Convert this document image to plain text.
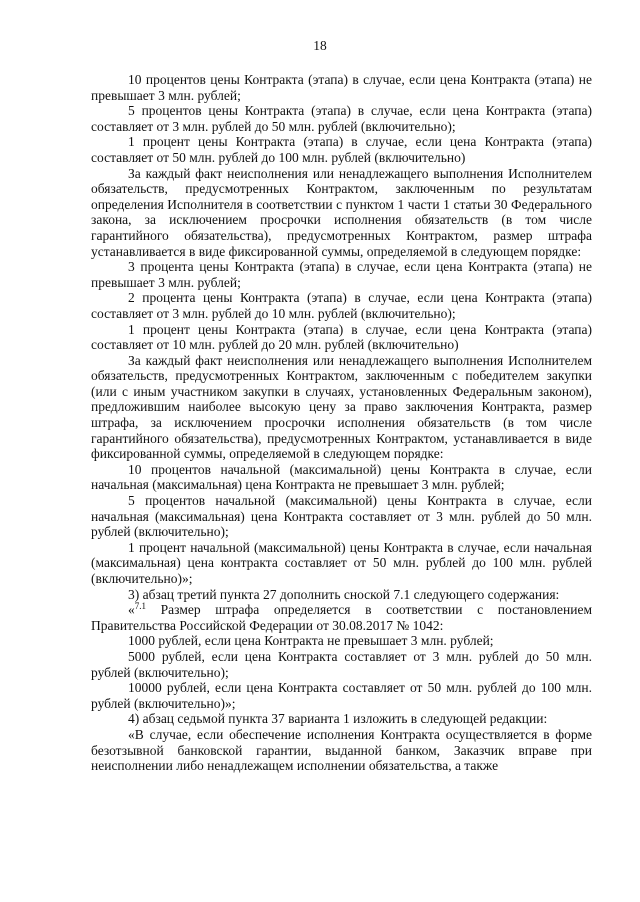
18

10 процентов цены Контракта (этапа) в случае, если цена Контракта (этапа) не превышает 3 млн. рублей;

5 процентов цены Контракта (этапа) в случае, если цена Контракта (этапа) составляет от 3 млн. рублей до 50 млн. рублей (включительно);

1 процент цены Контракта (этапа) в случае, если цена Контракта (этапа) составляет от 50 млн. рублей до 100 млн. рублей (включительно)

За каждый факт неисполнения или ненадлежащего выполнения Исполнителем обязательств, предусмотренных Контрактом, заключенным по результатам определения Исполнителя в соответствии с пунктом 1 части 1 статьи 30 Федерального закона, за исключением просрочки исполнения обязательств (в том числе гарантийного обязательства), предусмотренных Контрактом, размер штрафа устанавливается в виде фиксированной суммы, определяемой в следующем порядке:

3 процента цены Контракта (этапа) в случае, если цена Контракта (этапа) не превышает 3 млн. рублей;

2 процента цены Контракта (этапа) в случае, если цена Контракта (этапа) составляет от 3 млн. рублей до 10 млн. рублей (включительно);

1 процент цены Контракта (этапа) в случае, если цена Контракта (этапа) составляет от 10 млн. рублей до 20 млн. рублей (включительно)

За каждый факт неисполнения или ненадлежащего выполнения Исполнителем обязательств, предусмотренных Контрактом, заключенным с победителем закупки (или с иным участником закупки в случаях, установленных Федеральным законом), предложившим наиболее высокую цену за право заключения Контракта, размер штрафа, за исключением просрочки исполнения обязательств (в том числе гарантийного обязательства), предусмотренных Контрактом, устанавливается в виде фиксированной суммы, определяемой в следующем порядке:

10 процентов начальной (максимальной) цены Контракта в случае, если начальная (максимальная) цена Контракта не превышает 3 млн. рублей;

5 процентов начальной (максимальной) цены Контракта в случае, если начальная (максимальная) цена Контракта составляет от 3 млн. рублей до 50 млн. рублей (включительно);

1 процент начальной (максимальной) цены Контракта в случае, если начальная (максимальная) цена контракта составляет от 50 млн. рублей до 100 млн. рублей (включительно)»;

3) абзац третий пункта 27 дополнить сноской 7.1 следующего содержания:

«$^{7.1}$ Размер штрафа определяется в соответствии с постановлением Правительства Российской Федерации от 30.08.2017 № 1042:

1000 рублей, если цена Контракта не превышает 3 млн. рублей;

5000 рублей, если цена Контракта составляет от 3 млн. рублей до 50 млн. рублей (включительно);

10000 рублей, если цена Контракта составляет от 50 млн. рублей до 100 млн. рублей (включительно)»;

4) абзац седьмой пункта 37 варианта 1 изложить в следующей редакции:

«В случае, если обеспечение исполнения Контракта осуществляется в форме безотзывной банковской гарантии, выданной банком, Заказчик вправе при неисполнении либо ненадлежащем исполнении обязательства, а также
